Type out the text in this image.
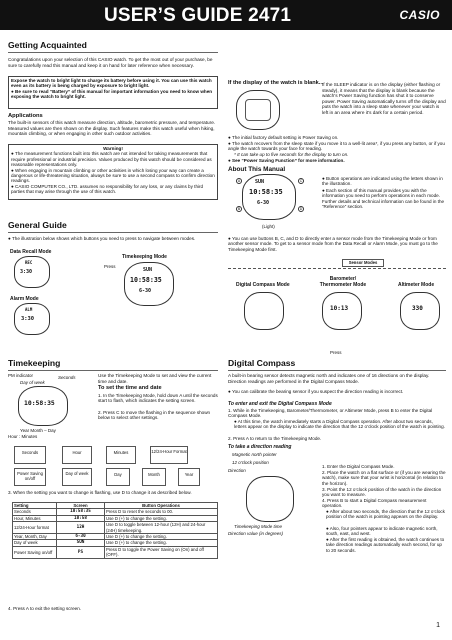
USER’S GUIDE 2471	CASIO
Getting Acquainted
Congratulations upon your selection of this CASIO watch. To get the most out of your purchase, be sure to carefully read this manual and keep it on hand for later reference when necessary.
Expose the watch to bright light to charge its battery before using it. You can use this watch even as its battery is being charged by exposure to bright light.
● Be sure to read “Battery” of this manual for important information you need to know when exposing the watch to bright light.
Applications
The built-in sensors of this watch measure direction, altitude, barometric pressure, and temperature. Measured values are then shown on the display. Such features make this watch useful when hiking, mountain climbing, or when engaging in other such outdoor activities.
Warning!
● The measurement functions built into this watch are not intended for taking measurements that require professional or industrial precision. Values produced by this watch should be considered as reasonable representations only.
● When engaging in mountain climbing or other activities in which losing your way can create a dangerous or life-threatening situation, always be sure to use a second compass to confirm direction readings.
● CASIO COMPUTER CO., LTD. assumes no responsibility for any loss, or any claims by third parties that may arise through the use of this watch.
If the display of the watch is blank...
If the SLEEP indicator is on the display (either flashing or steady), it means that the display is blank because the watch’s Power Saving function has shut it to conserve power. Power Saving automatically turns off the display and puts the watch into a sleep state whenever your watch is left in an area where it’s dark for a certain period.
● The initial factory default setting is Power Saving on.
● The watch recovers from the sleep state if you move it to a well-lit area*, if you press any button, or if you angle the watch towards your face for reading.
* It can take up to five seconds for the display to turn on.
● See “Power Saving Function” for more information.
About This Manual
SUN
10:58:35
6-30
A
B
C
D
(Light)
● Button operations are indicated using the letters shown in the illustration.
● Each section of this manual provides you with the information you need to perform operations in each mode. Further details and technical information can be found in the “Reference” section.
General Guide
● The illustration below shows which buttons you need to press to navigate between modes.
Data Recall Mode
REC
3:30
Press
Timekeeping Mode
SUN
10:58:35
6-30
Alarm Mode
ALM
3:30
● You can use buttons B, C, and D to directly enter a sensor mode from the Timekeeping Mode or from another sensor mode. To get to a sensor mode from the Data Recall or Alarm Mode, you must go to the Timekeeping Mode first.
Sensor Modes
Digital Compass Mode
Barometer/ Thermometer Mode	Altimeter Mode
10:13	330
Press
Timekeeping
PM indicator	Seconds
Day of week
10:58:35
Year Month – Day
Hour : Minutes
Use the Timekeeping Mode to set and view the current time and date.
To set the time and date
1. In the Timekeeping Mode, hold down A until the seconds start to flash, which indicates the setting screen.
2. Press C to move the flashing in the sequence shown below to select other settings.
Seconds	Hour	Minutes	12/24-Hour Format
Power Saving on/off
Day of week	Day	Month	Year
3. When the setting you want to change is flashing, use D to change it as described below.
Setting	Screen	Button Operations
Seconds	10:58:35	Press D to reset the seconds to 00.
Hour, Minutes	10:58	Use D (+) to change the setting.
12/24-Hour format	12H	Use D to toggle between 12-hour (12H) and 24-hour (24H) timekeeping.
Year, Month, Day	6-30	Use D (+) to change the setting.
Day of week	SUN	Use D (+) to change the setting.
Power Saving on/off	PS	Press D to toggle the Power Saving on (On) and off (OFF).
4. Press A to exit the setting screen.
Digital Compass
A built-in bearing sensor detects magnetic north and indicates one of 16 directions on the display. Direction readings are performed in the Digital Compass Mode.
● You can calibrate the bearing sensor if you suspect the direction reading is incorrect.
To enter and exit the Digital Compass Mode
1. While in the Timekeeping, Barometer/Thermometer, or Altimeter Mode, press B to enter the Digital Compass Mode.
● At this time, the watch immediately starts a Digital Compass operation. After about two seconds, letters appear on the display to indicate the direction that the 12 o’clock position of the watch is pointing.
2. Press A to return to the Timekeeping Mode.
To take a direction reading
Magnetic north pointer
12 o’clock position
Direction
Timekeeping Mode time
Direction value (in degrees)
1. Enter the Digital Compass Mode.
2. Place the watch on a flat surface or (if you are wearing the watch), make sure that your wrist is horizontal (in relation to the horizon).
3. Point the 12 o’clock position of the watch in the direction you want to measure.
4. Press B to start a Digital Compass measurement operation.
● After about two seconds, the direction that the 12 o’clock position of the watch is pointing appears on the display.
● Also, four pointers appear to indicate magnetic north, south, east, and west.
● After the first reading is obtained, the watch continues to take direction readings automatically each second, for up to 20 seconds.
1
